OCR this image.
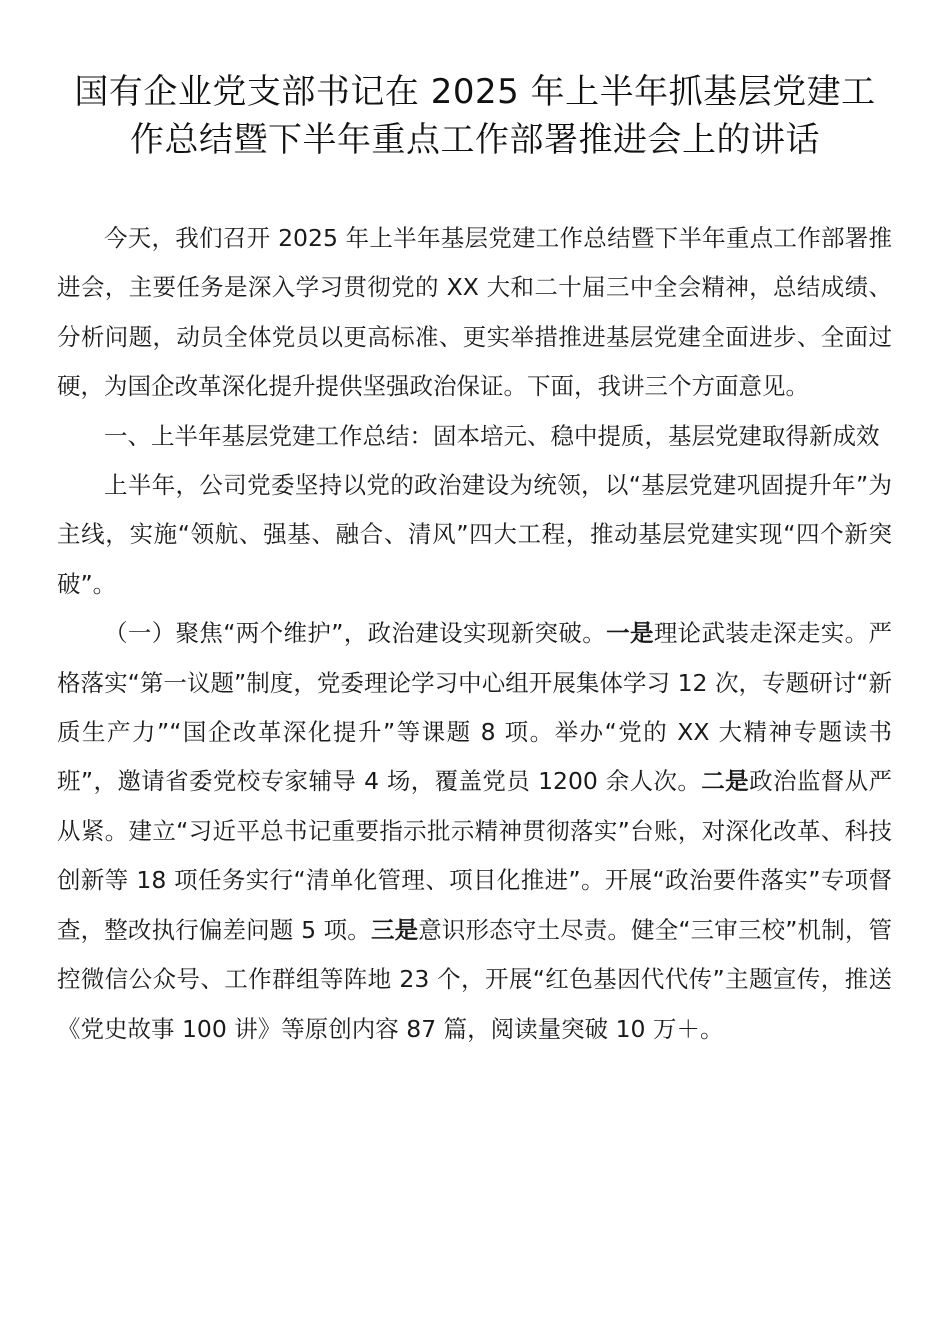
国有企业党支部书记在 2025 年上半年抓基层党建工作总结暨下半年重点工作部署推进会上的讲话

今天，我们召开 2025 年上半年基层党建工作总结暨下半年重点工作部署推进会，主要任务是深入学习贯彻党的 XX 大和二十届三中全会精神，总结成绩、分析问题，动员全体党员以更高标准、更实举措推进基层党建全面进步、全面过硬，为国企改革深化提升提供坚强政治保证。下面，我讲三个方面意见。

一、上半年基层党建工作总结：固本培元、稳中提质，基层党建取得新成效

上半年，公司党委坚持以党的政治建设为统领，以“基层党建巩固提升年”为主线，实施“领航、强基、融合、清风”四大工程，推动基层党建实现“四个新突破”。

（一）聚焦“两个维护”，政治建设实现新突破。一是理论武装走深走实。严格落实“第一议题”制度，党委理论学习中心组开展集体学习 12 次，专题研讨“新质生产力”“国企改革深化提升”等课题 8 项。举办“党的 XX 大精神专题读书班”，邀请省委党校专家辅导 4 场，覆盖党员 1200 余人次。二是政治监督从严从紧。建立“习近平总书记重要指示批示精神贯彻落实”台账，对深化改革、科技创新等 18 项任务实行“清单化管理、项目化推进”。开展“政治要件落实”专项督查，整改执行偏差问题 5 项。三是意识形态守土尽责。健全“三审三校”机制，管控微信公众号、工作群组等阵地 23 个，开展“红色基因代代传”主题宣传，推送《党史故事 100 讲》等原创内容 87 篇，阅读量突破 10 万＋。
